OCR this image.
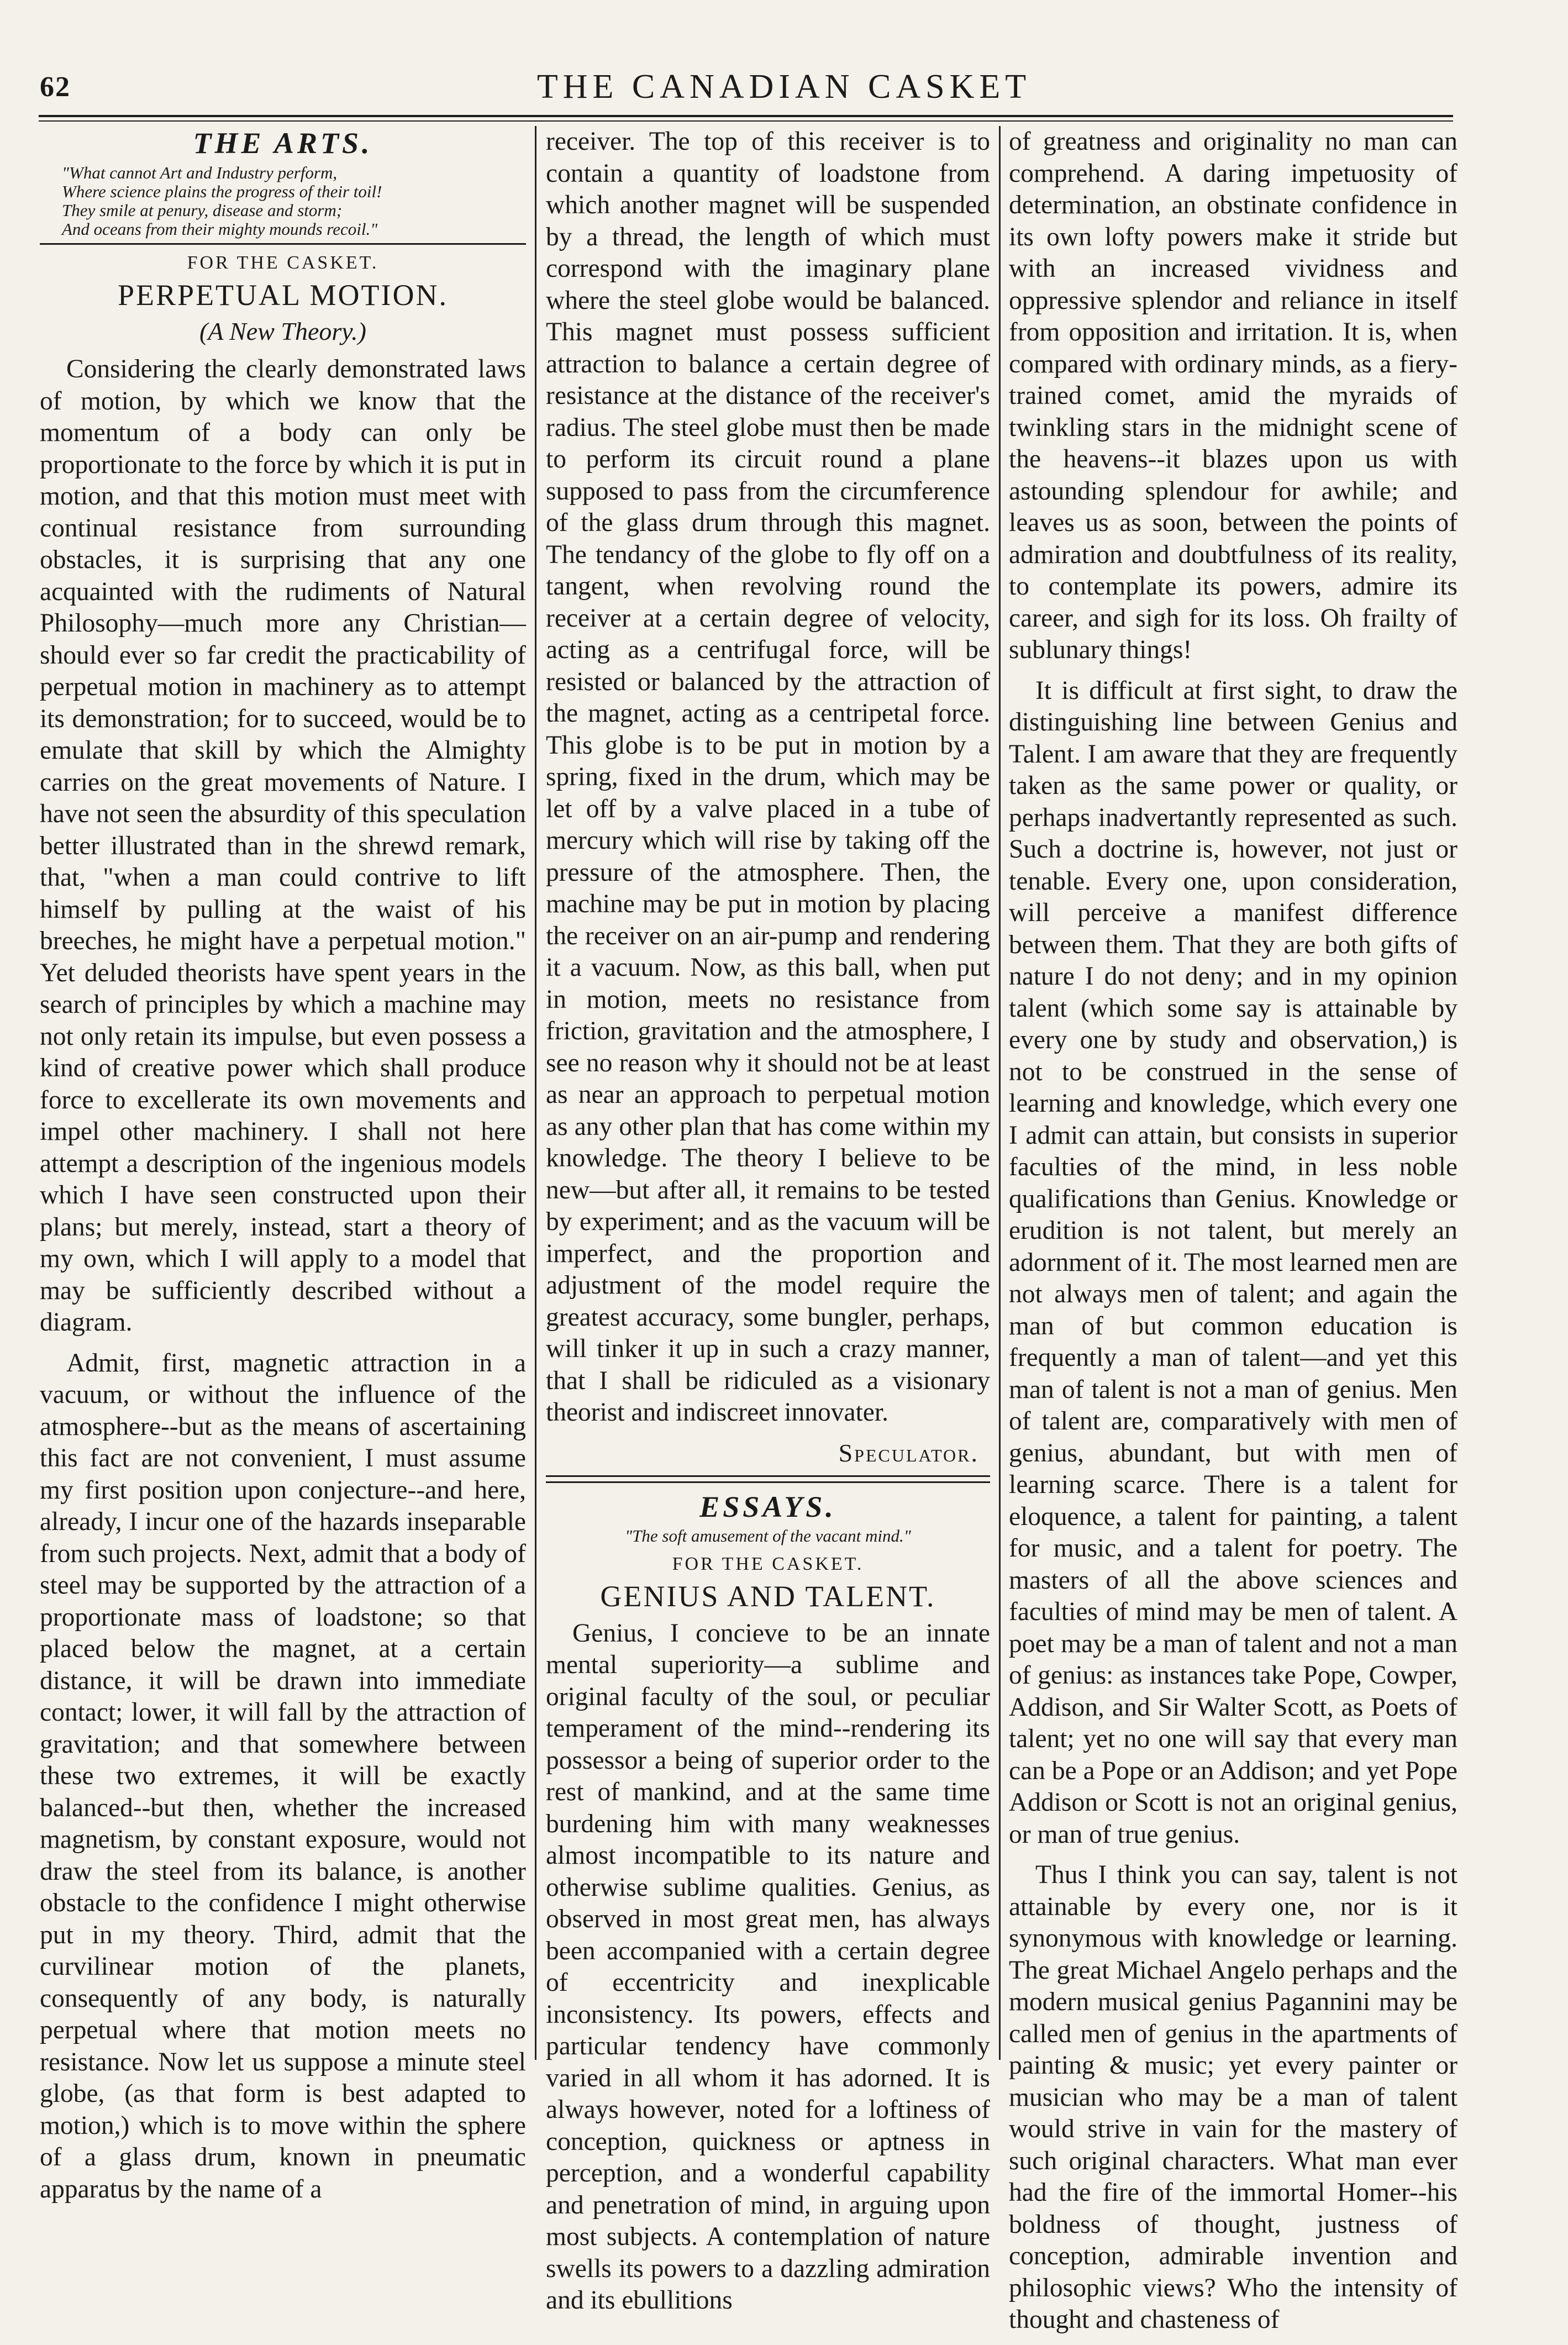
62	THE CANADIAN CASKET
THE ARTS.
"What cannot Art and Industry perform,
Where science plains the progress of their toil!
They smile at penury, disease and storm;
And oceans from their mighty mounds recoil."
FOR THE CASKET.
PERPETUAL MOTION.
(A New Theory.)

Considering the clearly demonstrated laws of motion, by which we know that the momentum of a body can only be proportionate to the force by which it is put in motion, and that this motion must meet with continual resistance from surrounding obstacles, it is surprising that any one acquainted with the rudiments of Natural Philosophy—much more any Christian—should ever so far credit the practicability of perpetual motion in machinery as to attempt its demonstration; for to succeed, would be to emulate that skill by which the Almighty carries on the great movements of Nature. I have not seen the absurdity of this speculation better illustrated than in the shrewd remark, that, "when a man could contrive to lift himself by pulling at the waist of his breeches, he might have a perpetual motion." Yet deluded theorists have spent years in the search of principles by which a machine may not only retain its impulse, but even possess a kind of creative power which shall produce force to excellerate its own movements and impel other machinery. I shall not here attempt a description of the ingenious models which I have seen constructed upon their plans; but merely, instead, start a theory of my own, which I will apply to a model that may be sufficiently described without a diagram.

Admit, first, magnetic attraction in a vacuum, or without the influence of the atmosphere--but as the means of ascertaining this fact are not convenient, I must assume my first position upon conjecture--and here, already, I incur one of the hazards inseparable from such projects. Next, admit that a body of steel may be supported by the attraction of a proportionate mass of loadstone; so that placed below the magnet, at a certain distance, it will be drawn into immediate contact; lower, it will fall by the attraction of gravitation; and that somewhere between these two extremes, it will be exactly balanced--but then, whether the increased magnetism, by constant exposure, would not draw the steel from its balance, is another obstacle to the confidence I might otherwise put in my theory. Third, admit that the curvilinear motion of the planets, consequently of any body, is naturally perpetual where that motion meets no resistance. Now let us suppose a minute steel globe, (as that form is best adapted to motion,) which is to move within the sphere of a glass drum, known in pneumatic apparatus by the name of a

receiver. The top of this receiver is to contain a quantity of loadstone from which another magnet will be suspended by a thread, the length of which must correspond with the imaginary plane where the steel globe would be balanced. This magnet must possess sufficient attraction to balance a certain degree of resistance at the distance of the receiver's radius. The steel globe must then be made to perform its circuit round a plane supposed to pass from the circumference of the glass drum through this magnet. The tendancy of the globe to fly off on a tangent, when revolving round the receiver at a certain degree of velocity, acting as a centrifugal force, will be resisted or balanced by the attraction of the magnet, acting as a centripetal force. This globe is to be put in motion by a spring, fixed in the drum, which may be let off by a valve placed in a tube of mercury which will rise by taking off the pressure of the atmosphere. Then, the machine may be put in motion by placing the receiver on an air-pump and rendering it a vacuum. Now, as this ball, when put in motion, meets no resistance from friction, gravitation and the atmosphere, I see no reason why it should not be at least as near an approach to perpetual motion as any other plan that has come within my knowledge. The theory I believe to be new—but after all, it remains to be tested by experiment; and as the vacuum will be imperfect, and the proportion and adjustment of the model require the greatest accuracy, some bungler, perhaps, will tinker it up in such a crazy manner, that I shall be ridiculed as a visionary theorist and indiscreet innovater.

Speculator.
ESSAYS.
"The soft amusement of the vacant mind."
FOR THE CASKET.
GENIUS AND TALENT.

Genius, I concieve to be an innate mental superiority—a sublime and original faculty of the soul, or peculiar temperament of the mind--rendering its possessor a being of superior order to the rest of mankind, and at the same time burdening him with many weaknesses almost incompatible to its nature and otherwise sublime qualities. Genius, as observed in most great men, has always been accompanied with a certain degree of eccentricity and inexplicable inconsistency. Its powers, effects and particular tendency have commonly varied in all whom it has adorned. It is always however, noted for a loftiness of conception, quickness or aptness in perception, and a wonderful capability and penetration of mind, in arguing upon most subjects. A contemplation of nature swells its powers to a dazzling admiration and its ebullitions

of greatness and originality no man can comprehend. A daring impetuosity of determination, an obstinate confidence in its own lofty powers make it stride but with an increased vividness and oppressive splendor and reliance in itself from opposition and irritation. It is, when compared with ordinary minds, as a fiery-trained comet, amid the myraids of twinkling stars in the midnight scene of the heavens--it blazes upon us with astounding splendour for awhile; and leaves us as soon, between the points of admiration and doubtfulness of its reality, to contemplate its powers, admire its career, and sigh for its loss. Oh frailty of sublunary things!

It is difficult at first sight, to draw the distinguishing line between Genius and Talent. I am aware that they are frequently taken as the same power or quality, or perhaps inadvertantly represented as such. Such a doctrine is, however, not just or tenable. Every one, upon consideration, will perceive a manifest difference between them. That they are both gifts of nature I do not deny; and in my opinion talent (which some say is attainable by every one by study and observation,) is not to be construed in the sense of learning and knowledge, which every one I admit can attain, but consists in superior faculties of the mind, in less noble qualifications than Genius. Knowledge or erudition is not talent, but merely an adornment of it. The most learned men are not always men of talent; and again the man of but common education is frequently a man of talent—and yet this man of talent is not a man of genius. Men of talent are, comparatively with men of genius, abundant, but with men of learning scarce. There is a talent for eloquence, a talent for painting, a talent for music, and a talent for poetry. The masters of all the above sciences and faculties of mind may be men of talent. A poet may be a man of talent and not a man of genius: as instances take Pope, Cowper, Addison, and Sir Walter Scott, as Poets of talent; yet no one will say that every man can be a Pope or an Addison; and yet Pope Addison or Scott is not an original genius, or man of true genius.

Thus I think you can say, talent is not attainable by every one, nor is it synonymous with knowledge or learning. The great Michael Angelo perhaps and the modern musical genius Pagannini may be called men of genius in the apartments of painting & music; yet every painter or musician who may be a man of talent would strive in vain for the mastery of such original characters. What man ever had the fire of the immortal Homer--his boldness of thought, justness of conception, admirable invention and philosophic views? Who the intensity of thought and chasteness of
